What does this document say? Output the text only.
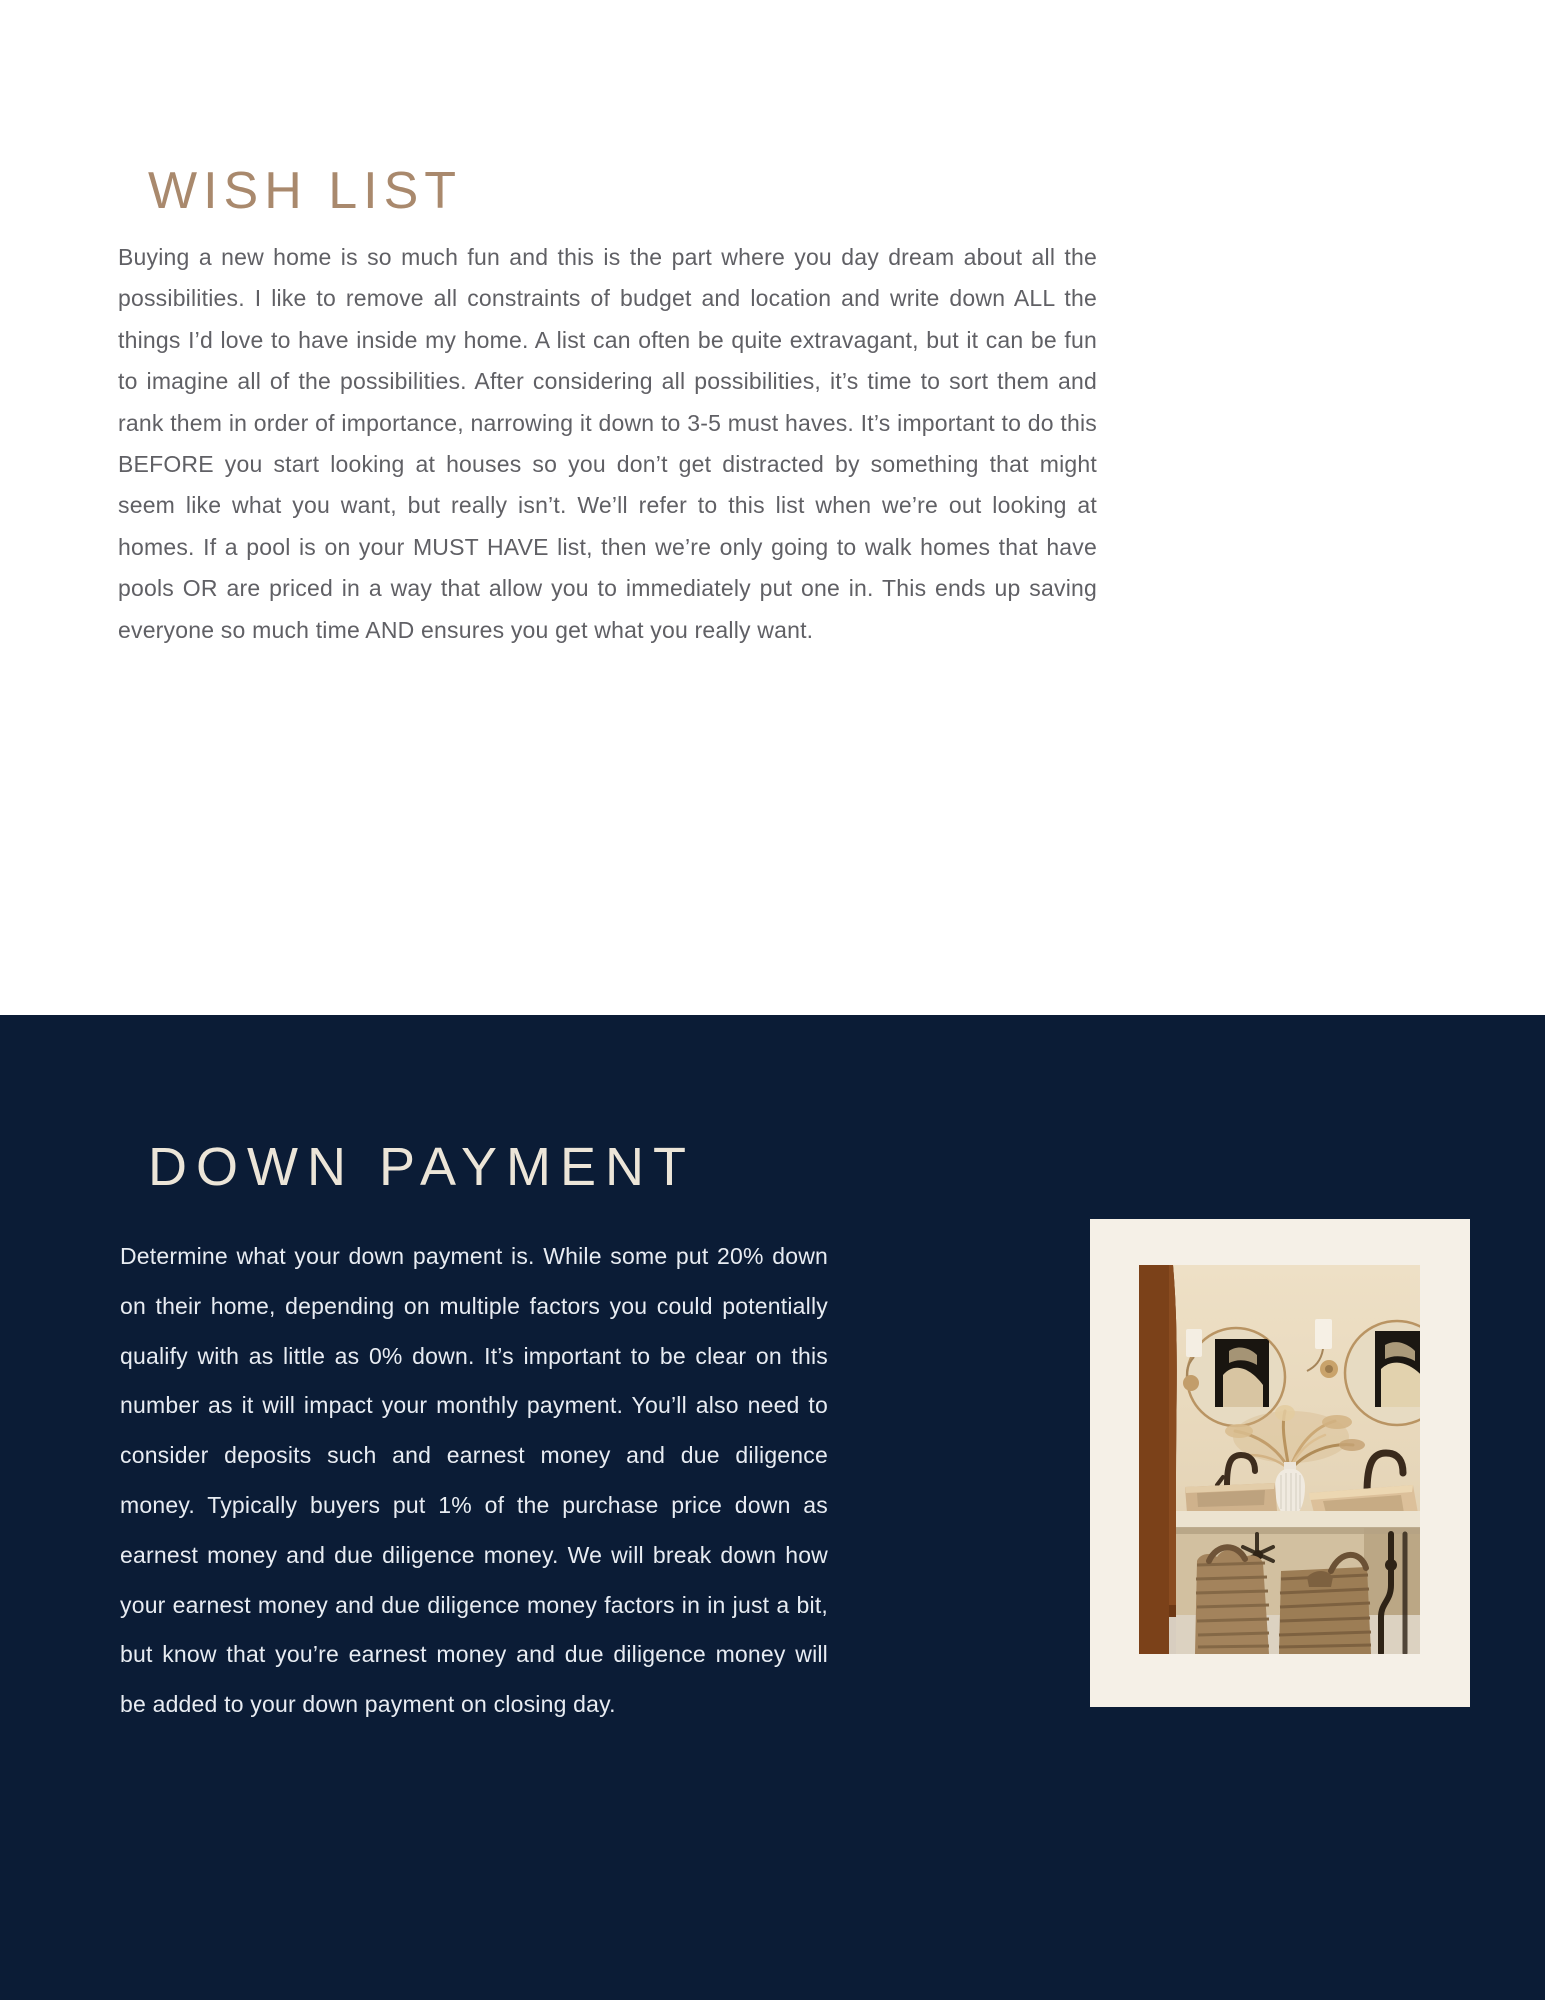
WISH LIST

Buying a new home is so much fun and this is the part where you day dream about all the possibilities. I like to remove all constraints of budget and location and write down ALL the things I’d love to have inside my home. A list can often be quite extravagant, but it can be fun to imagine all of the possibilities. After considering all possibilities, it’s time to sort them and rank them in order of importance, narrowing it down to 3-5 must haves. It’s important to do this BEFORE you start looking at houses so you don’t get distracted by something that might seem like what you want, but really isn’t. We’ll refer to this list when we’re out looking at homes. If a pool is on your MUST HAVE list, then we’re only going to walk homes that have pools OR are priced in a way that allow you to immediately put one in. This ends up saving everyone so much time AND ensures you get what you really want.

DOWN PAYMENT

Determine what your down payment is. While some put 20% down on their home, depending on multiple factors you could potentially qualify with as little as 0% down. It’s important to be clear on this number as it will impact your monthly payment. You’ll also need to consider deposits such and earnest money and due diligence money. Typically buyers put 1% of the purchase price down as earnest money and due diligence money. We will break down how your earnest money and due diligence money factors in in just a bit, but know that you’re earnest money and due diligence money will be added to your down payment on closing day.
